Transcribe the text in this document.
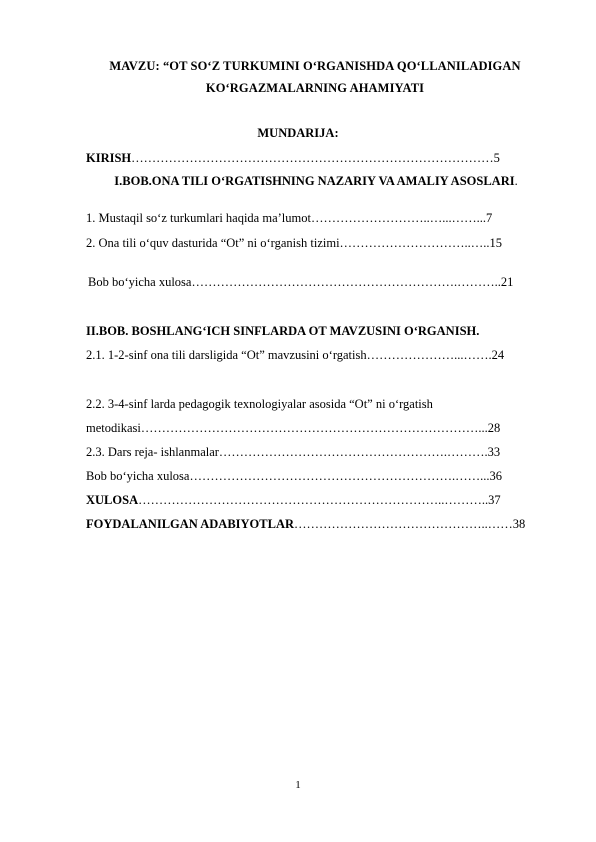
MAVZU: “OT SO‘Z TURKUMINI O‘RGANISHDA QO‘LLANILADIGAN
KO‘RGAZMALARNING AHAMIYATI
MUNDARIJA:
KIRISH……………………………………………………………………………5
I.BOB.ONA TILI O‘RGATISHNING NAZARIY VA AMALIY ASOSLARI.
1. Mustaqil so‘z turkumlari haqida ma’lumot………………………..…...……...7
2. Ona tili o‘quv dasturida “Ot” ni o‘rganish tizimi…………………………..…..15
Bob bo‘yicha xulosa……………………………………………………….………..21
II.BOB. BOSHLANG‘ICH SINFLARDA OT MAVZUSINI O‘RGANISH.
2.1. 1-2-sinf ona tili darsligida “Ot” mavzusini o‘rgatish…………………...…….24
2.2. 3-4-sinf larda pedagogik texnologiyalar asosida “Ot” ni o‘rgatish
metodikasi………………………………………………………………………...28
2.3. Dars reja- ishlanmalar……………………………………………….……….33
Bob bo‘yicha xulosa……………………………………………………….……...36
XULOSA………………………………………………………………..………..37
FOYDALANILGAN ADABIYOTLAR………………………………………..……38
1
